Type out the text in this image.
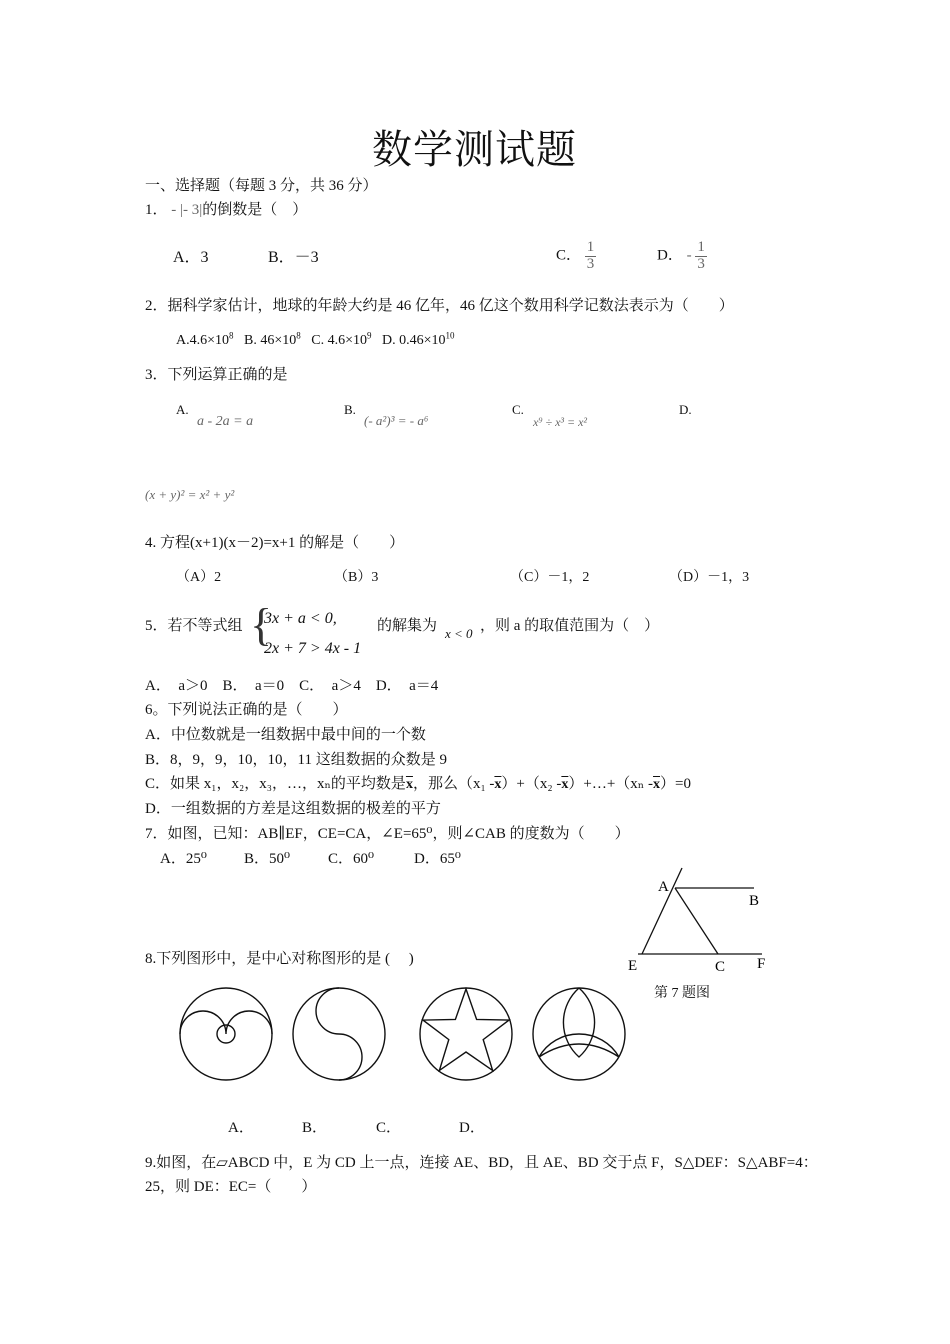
数学测试题
一、选择题（每题 3 分，共 36 分）
1． - |- 3|的倒数是（　）
A．3	B．－3	C． $\frac{1}{3}$	D． - $\frac{1}{3}$
2．据科学家估计，地球的年龄大约是 46 亿年，46 亿这个数用科学记数法表示为（　　）
$A.4.6\times 10^8$ B. $46\times 10^8$ C. $4.6\times 10^9$ D. $0.46\times 10^{10}$
3．下列运算正确的是
A.
a - 2a = a
B.
(- a²)³ = - a⁶
C.
x⁹ ÷ x³ = x²
D.
(x + y)² = x² + y²
4. 方程(x+1)(x－2)=x+1 的解是（　　）
（A）2	（B）3	（C）－1，2	（D）－1，3
5．若不等式组 {
3x + a < 0,
2x + 7 > 4x - 1
的解集为 x < 0 ，则 a 的取值范围为（　）
A．　a＞0　B．　a＝0　C．　a＞4　D．　a＝4
6。下列说法正确的是（　　）
A．中位数就是一组数据中最中间的一个数
B．8，9，9，10，10，11 这组数据的众数是 9
C．如果 x₁，x₂，x₃，…，xₙ的平均数是$\overline{x}$，那么（x₁ $-\overline{x})+(x_2$ $-\overline{x})+\dots+(x_n$ $-\overline{x})=0$
D．一组数据的方差是这组数据的极差的平方
7．如图，已知：AB∥EF，CE=CA，∠E=65⁰，则∠CAB 的度数为（　　）
A．25⁰ B．50⁰	C．60⁰	D．65⁰
A
B
E	C F
第 7 题图
8.下列图形中，是中心对称图形的是 (　 )
A．	B．	C．	D．
9.如图，在▱ABCD 中，E 为 CD 上一点，连接 AE、BD，且 AE、BD 交于点 F，S△DEF：S△ABF=4：
25，则 DE：EC=（　　）
